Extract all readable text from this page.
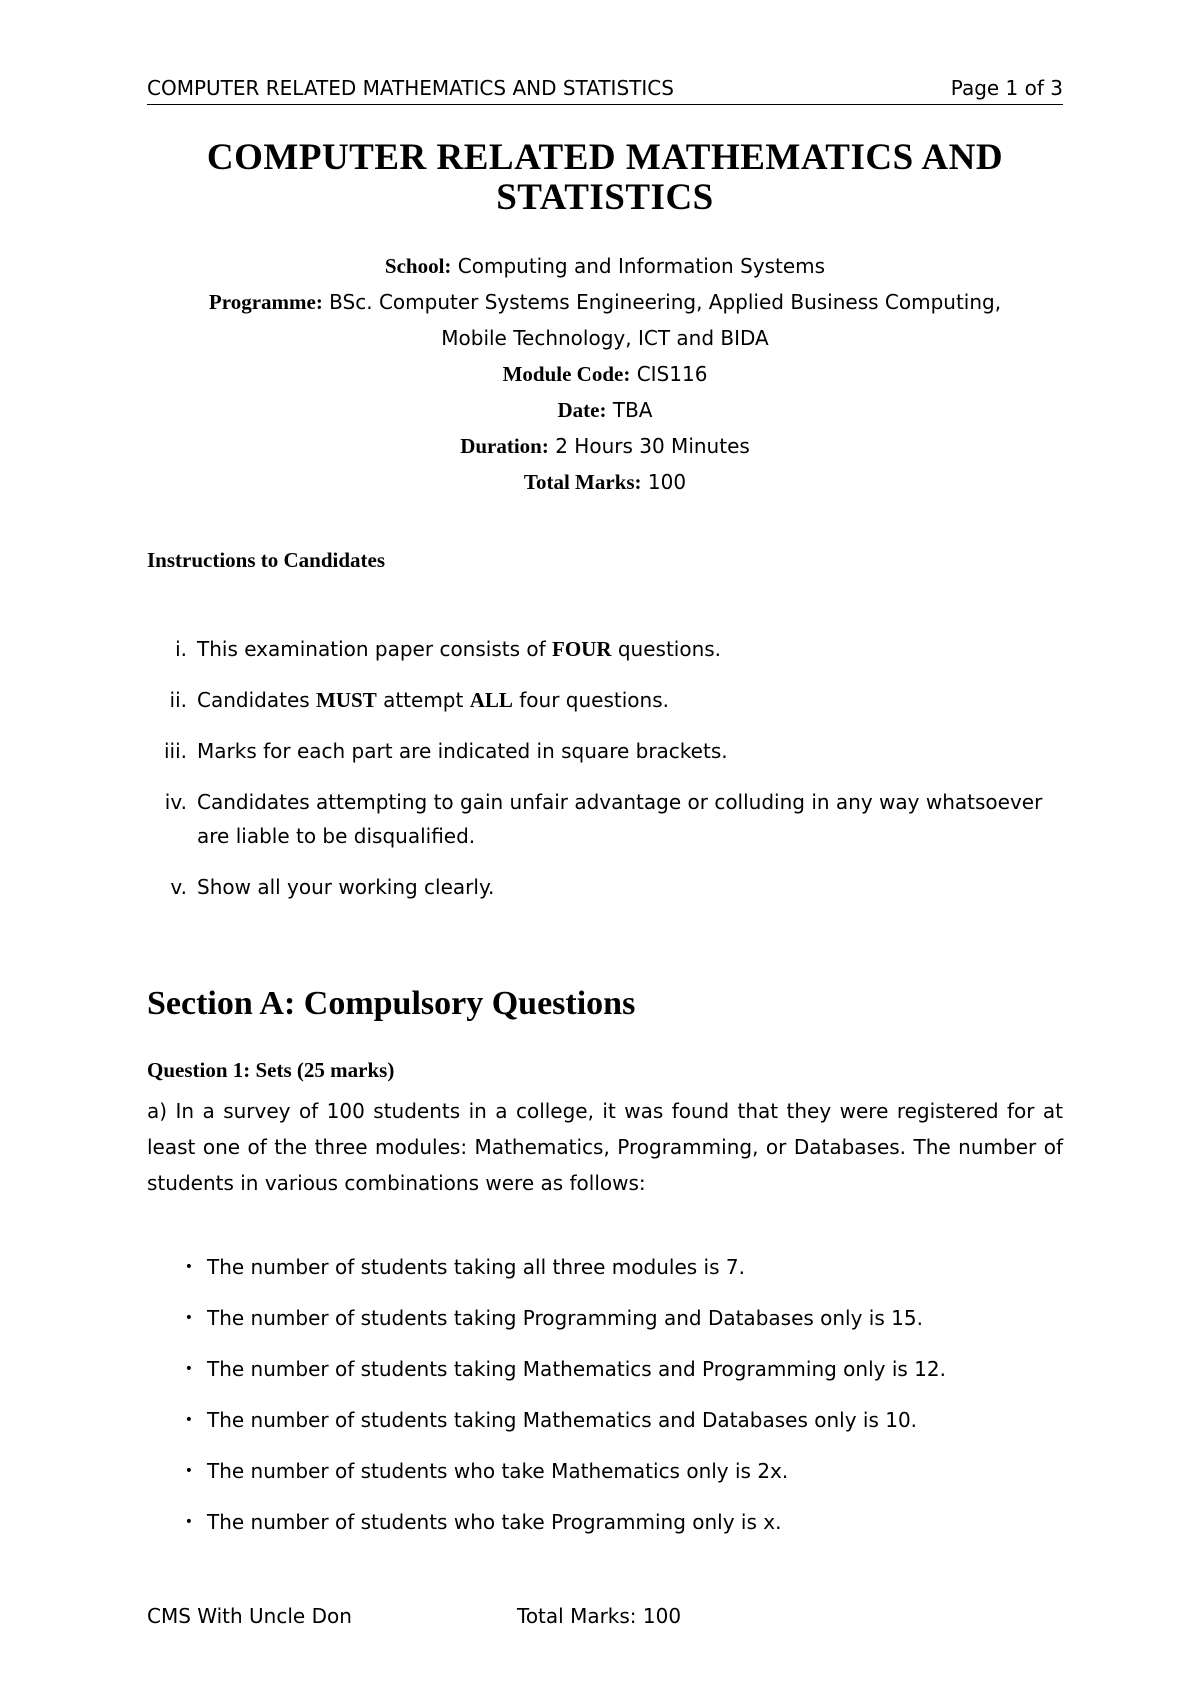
COMPUTER RELATED MATHEMATICS AND STATISTICS	Page 1 of 3
COMPUTER RELATED MATHEMATICS AND
STATISTICS
School: Computing and Information Systems
Programme: BSc. Computer Systems Engineering, Applied Business Computing,
Mobile Technology, ICT and BIDA
Module Code: CIS116
Date: TBA
Duration: 2 Hours 30 Minutes
Total Marks: 100
Instructions to Candidates
i. This examination paper consists of FOUR questions.
ii. Candidates MUST attempt ALL four questions.
iii. Marks for each part are indicated in square brackets.
iv. Candidates attempting to gain unfair advantage or colluding in any way whatsoever are liable to be disqualified.
v. Show all your working clearly.
Section A: Compulsory Questions
Question 1: Sets (25 marks)
a) In a survey of 100 students in a college, it was found that they were registered for at least one of the three modules: Mathematics, Programming, or Databases. The number of students in various combinations were as follows:
• The number of students taking all three modules is 7.
• The number of students taking Programming and Databases only is 15.
• The number of students taking Mathematics and Programming only is 12.
• The number of students taking Mathematics and Databases only is 10.
• The number of students who take Mathematics only is 2x.
• The number of students who take Programming only is x.
CMS With Uncle Don	Total Marks: 100
